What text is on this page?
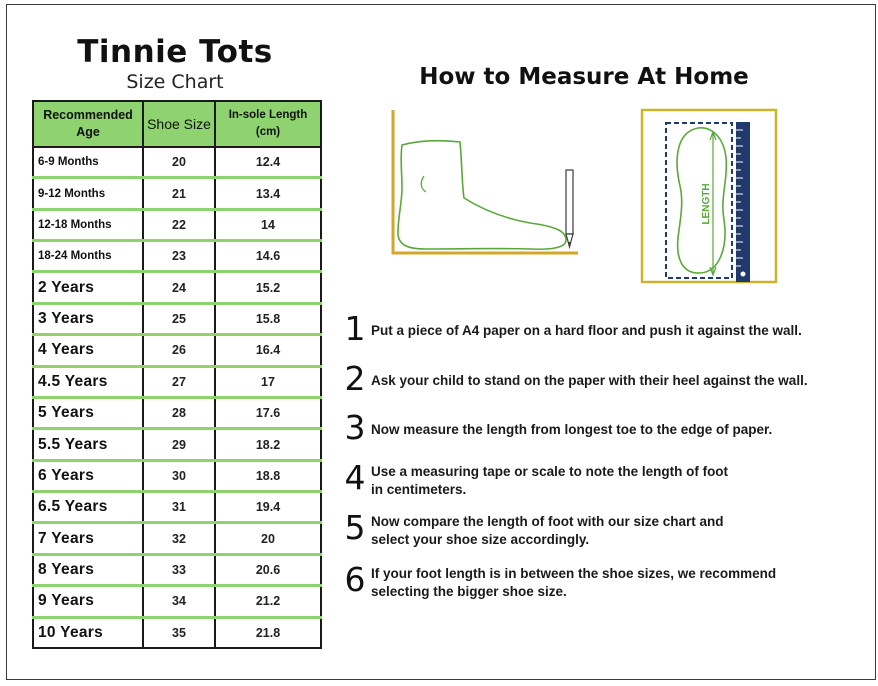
Tinnie Tots
Size Chart
Recommended Age	Shoe Size	In-sole Length (cm)
6-9 Months	20	12.4
9-12 Months	21	13.4
12-18 Months	22	14
18-24 Months	23	14.6
2 Years	24	15.2
3 Years	25	15.8
4 Years	26	16.4
4.5 Years	27	17
5 Years	28	17.6
5.5 Years	29	18.2
6 Years	30	18.8
6.5 Years	31	19.4
7 Years	32	20
8 Years	33	20.6
9 Years	34	21.2
10 Years	35	21.8
How to Measure At Home
LENGTH
1 Put a piece of A4 paper on a hard floor and push it against the wall.
2 Ask your child to stand on the paper with their heel against the wall.
3 Now measure the length from longest toe to the edge of paper.
4 Use a measuring tape or scale to note the length of foot
in centimeters.
5 Now compare the length of foot with our size chart and
select your shoe size accordingly.
6 If your foot length is in between the shoe sizes, we recommend
selecting the bigger shoe size.
